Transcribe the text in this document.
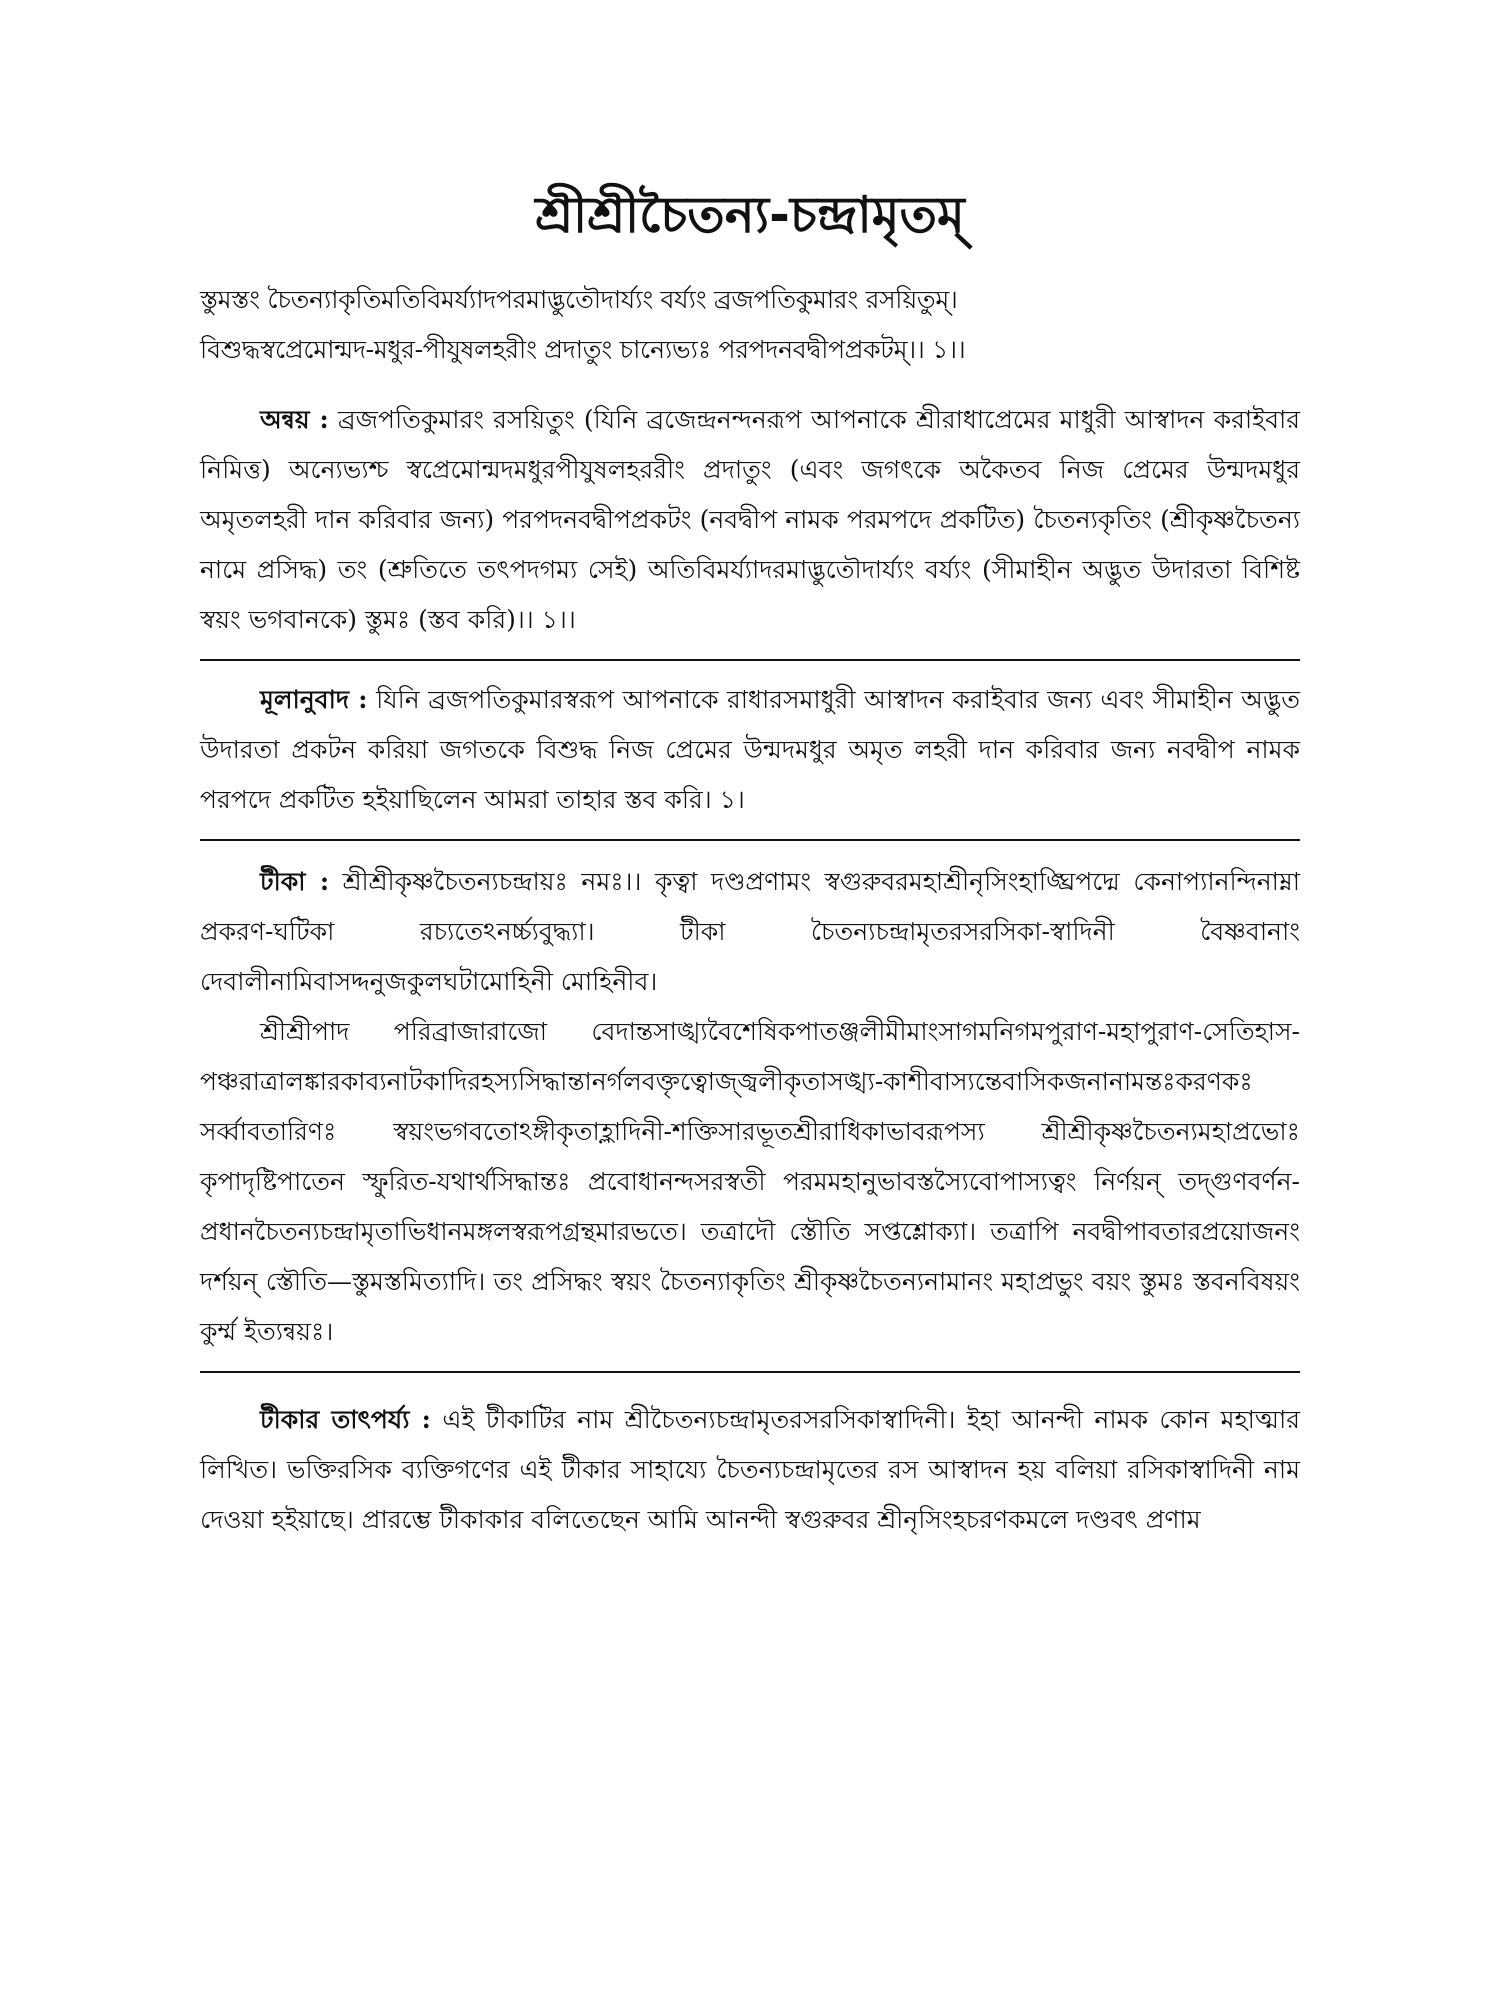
শ্রীশ্রীচৈতন্য-চন্দ্রামৃতম্

স্তুমস্তং চৈতন্যাকৃতিমতিবিমর্য্যাদপরমাদ্ভুতৌদার্য্যং বর্য্যং ব্রজপতিকুমারং রসয়িতুম্।

বিশুদ্ধস্বপ্রেমোন্মদ-মধুর-পীযুষলহরীং প্রদাতুং চান্যেভ্যঃ পরপদনবদ্বীপপ্রকটম্।। ১।।

অন্বয় : ব্রজপতিকুমারং রসয়িতুং (যিনি ব্রজেন্দ্রনন্দনরূপ আপনাকে শ্রীরাধাপ্রেমের মাধুরী আস্বাদন করাইবার নিমিত্ত) অন্যেভ্যশ্চ স্বপ্রেমোন্মদমধুরপীযুষলহররীং প্রদাতুং (এবং জগৎকে অকৈতব নিজ প্রেমের উন্মদমধুর অমৃতলহরী দান করিবার জন্য) পরপদনবদ্বীপপ্রকটং (নবদ্বীপ নামক পরমপদে প্রকটিত) চৈতন্যকৃতিং (শ্রীকৃষ্ণচৈতন্য নামে প্রসিদ্ধ) তং (শ্রুতিতে তৎপদগম্য সেই) অতিবিমর্য্যাদরমাদ্ভুতৌদার্য্যং বর্য্যং (সীমাহীন অদ্ভুত উদারতা বিশিষ্ট স্বয়ং ভগবানকে) স্তুমঃ (স্তব করি)।। ১।।

মূলানুবাদ : যিনি ব্রজপতিকুমারস্বরূপ আপনাকে রাধারসমাধুরী আস্বাদন করাইবার জন্য এবং সীমাহীন অদ্ভুত উদারতা প্রকটন করিয়া জগতকে বিশুদ্ধ নিজ প্রেমের উন্মদমধুর অমৃত লহরী দান করিবার জন্য নবদ্বীপ নামক পরপদে প্রকটিত হইয়াছিলেন আমরা তাহার স্তব করি। ১।

টীকা : শ্রীশ্রীকৃষ্ণচৈতন্যচন্দ্রায়ঃ নমঃ।। কৃত্বা দণ্ডপ্রণামং স্বগুরুবরমহাশ্রীনৃসিংহাঙ্ঘ্রিপদ্মে কেনাপ্যানন্দিনাম্না প্রকরণ-ঘটিকা রচ্যতেঽনর্চ্চ্যবুদ্ধ্যা। টীকা চৈতন্যচন্দ্রামৃতরসরসিকা-স্বাদিনী বৈষ্ণবানাং দেবালীনামিবাসদ্দনুজকুলঘটামোহিনী মোহিনীব।

শ্রীশ্রীপাদ পরিব্রাজারাজো বেদান্তসাঙ্খ্যবৈশেষিকপাতঞ্জলীমীমাংসাগমনিগমপুরাণ-মহাপুরাণ-সেতিহাস-পঞ্চরাত্রালঙ্কারকাব্যনাটকাদিরহস্যসিদ্ধান্তানর্গলবক্তৃত্বোজ্জ্বলীকৃতাসঙ্খ্য-কাশীবাস্যন্তেবাসিকজনানামন্তঃকরণকঃ সর্ব্বাবতারিণঃ স্বয়ংভগবতোঽঙ্গীকৃতাহ্লাদিনী-শক্তিসারভূতশ্রীরাধিকাভাবরূপস্য শ্রীশ্রীকৃষ্ণচৈতন্যমহাপ্রভোঃ কৃপাদৃষ্টিপাতেন স্ফুরিত-যথার্থসিদ্ধান্তঃ প্রবোধানন্দসরস্বতী পরমমহানুভাবস্তস্যৈবোপাস্যত্বং নির্ণয়ন্ তদ্গুণবর্ণন-প্রধানচৈতন্যচন্দ্রামৃতাভিধানমঙ্গলস্বরূপগ্রন্থমারভতে। তত্রাদৌ স্তৌতি সপ্তশ্লোক্যা। তত্রাপি নবদ্বীপাবতারপ্রয়োজনং দর্শয়ন্ স্তৌতি—স্তুমস্তমিত্যাদি। তং প্রসিদ্ধং স্বয়ং চৈতন্যাকৃতিং শ্রীকৃষ্ণচৈতন্যনামানং মহাপ্রভুং বয়ং স্তুমঃ স্তবনবিষয়ং কুর্ম্ম ইত্যন্বয়ঃ।

টীকার তাৎপর্য্য : এই টীকাটির নাম শ্রীচৈতন্যচন্দ্রামৃতরসরসিকাস্বাদিনী। ইহা আনন্দী নামক কোন মহাত্মার লিখিত। ভক্তিরসিক ব্যক্তিগণের এই টীকার সাহায্যে চৈতন্যচন্দ্রামৃতের রস আস্বাদন হয় বলিয়া রসিকাস্বাদিনী নাম দেওয়া হইয়াছে। প্রারম্ভে টীকাকার বলিতেছেন আমি আনন্দী স্বগুরুবর শ্রীনৃসিংহচরণকমলে দণ্ডবৎ প্রণাম
